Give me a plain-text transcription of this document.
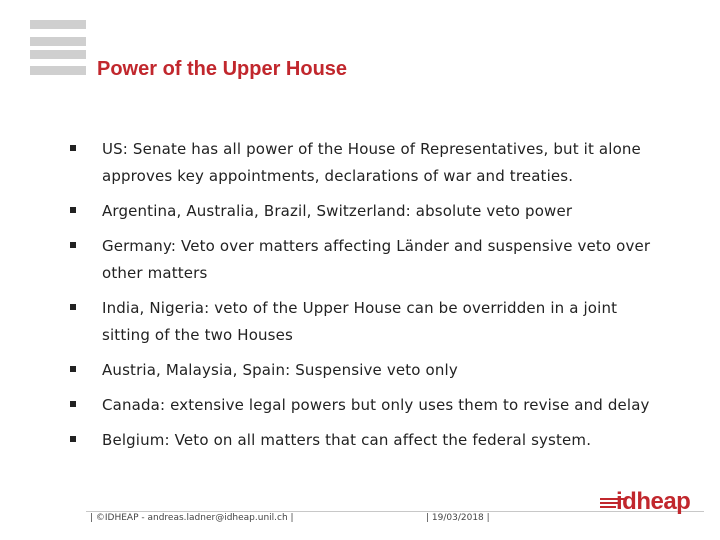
Power of the Upper House
US: Senate has all power of the House of Representatives, but it alone approves key appointments, declarations of war and treaties.
Argentina, Australia, Brazil, Switzerland: absolute veto power
Germany: Veto over matters affecting Länder and suspensive veto over other matters
India, Nigeria: veto of the Upper House can be overridden in a joint sitting of the two Houses
Austria, Malaysia, Spain: Suspensive veto only
Canada: extensive legal powers but only uses them to revise and delay
Belgium: Veto on all matters that can affect the federal system.
| ©IDHEAP - andreas.ladner@idheap.unil.ch |	| 19/03/2018 |
idheap
